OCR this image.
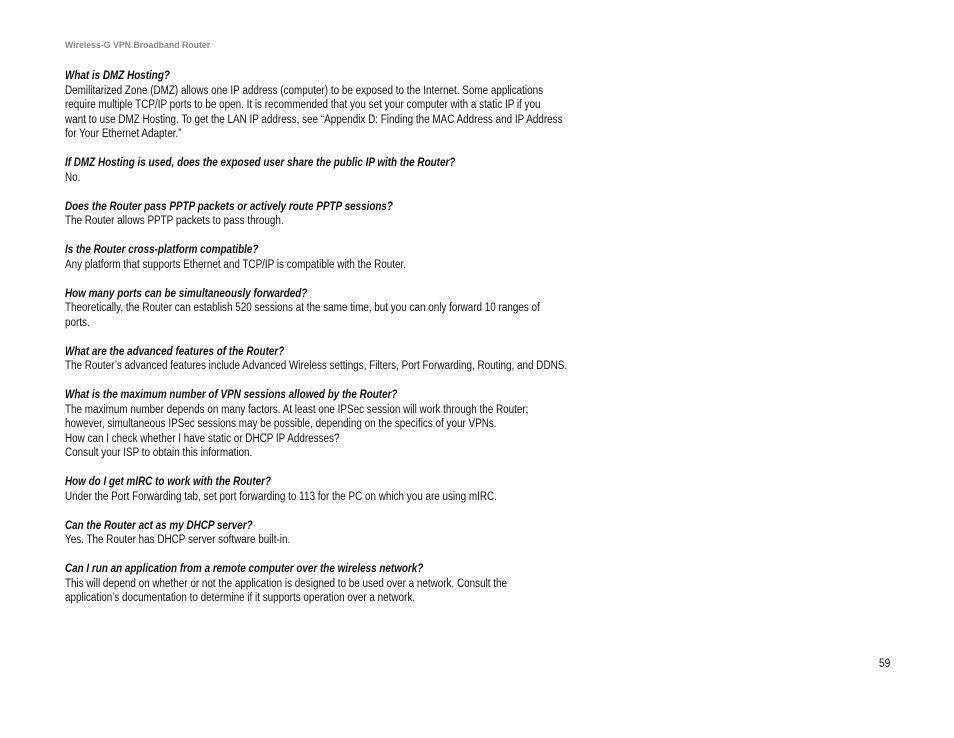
Wireless-G VPN Broadband Router
What is DMZ Hosting?
Demilitarized Zone (DMZ) allows one IP address (computer) to be exposed to the Internet. Some applications
require multiple TCP/IP ports to be open. It is recommended that you set your computer with a static IP if you
want to use DMZ Hosting. To get the LAN IP address, see “Appendix D: Finding the MAC Address and IP Address
for Your Ethernet Adapter.”
If DMZ Hosting is used, does the exposed user share the public IP with the Router?
No.
Does the Router pass PPTP packets or actively route PPTP sessions?
The Router allows PPTP packets to pass through.
Is the Router cross-platform compatible?
Any platform that supports Ethernet and TCP/IP is compatible with the Router.
How many ports can be simultaneously forwarded?
Theoretically, the Router can establish 520 sessions at the same time, but you can only forward 10 ranges of
ports.
What are the advanced features of the Router?
The Router’s advanced features include Advanced Wireless settings, Filters, Port Forwarding, Routing, and DDNS.
What is the maximum number of VPN sessions allowed by the Router?
The maximum number depends on many factors. At least one IPSec session will work through the Router;
however, simultaneous IPSec sessions may be possible, depending on the specifics of your VPNs.
How can I check whether I have static or DHCP IP Addresses?
Consult your ISP to obtain this information.
How do I get mIRC to work with the Router?
Under the Port Forwarding tab, set port forwarding to 113 for the PC on which you are using mIRC.
Can the Router act as my DHCP server?
Yes. The Router has DHCP server software built-in.
Can I run an application from a remote computer over the wireless network?
This will depend on whether or not the application is designed to be used over a network. Consult the
application’s documentation to determine if it supports operation over a network.
59
